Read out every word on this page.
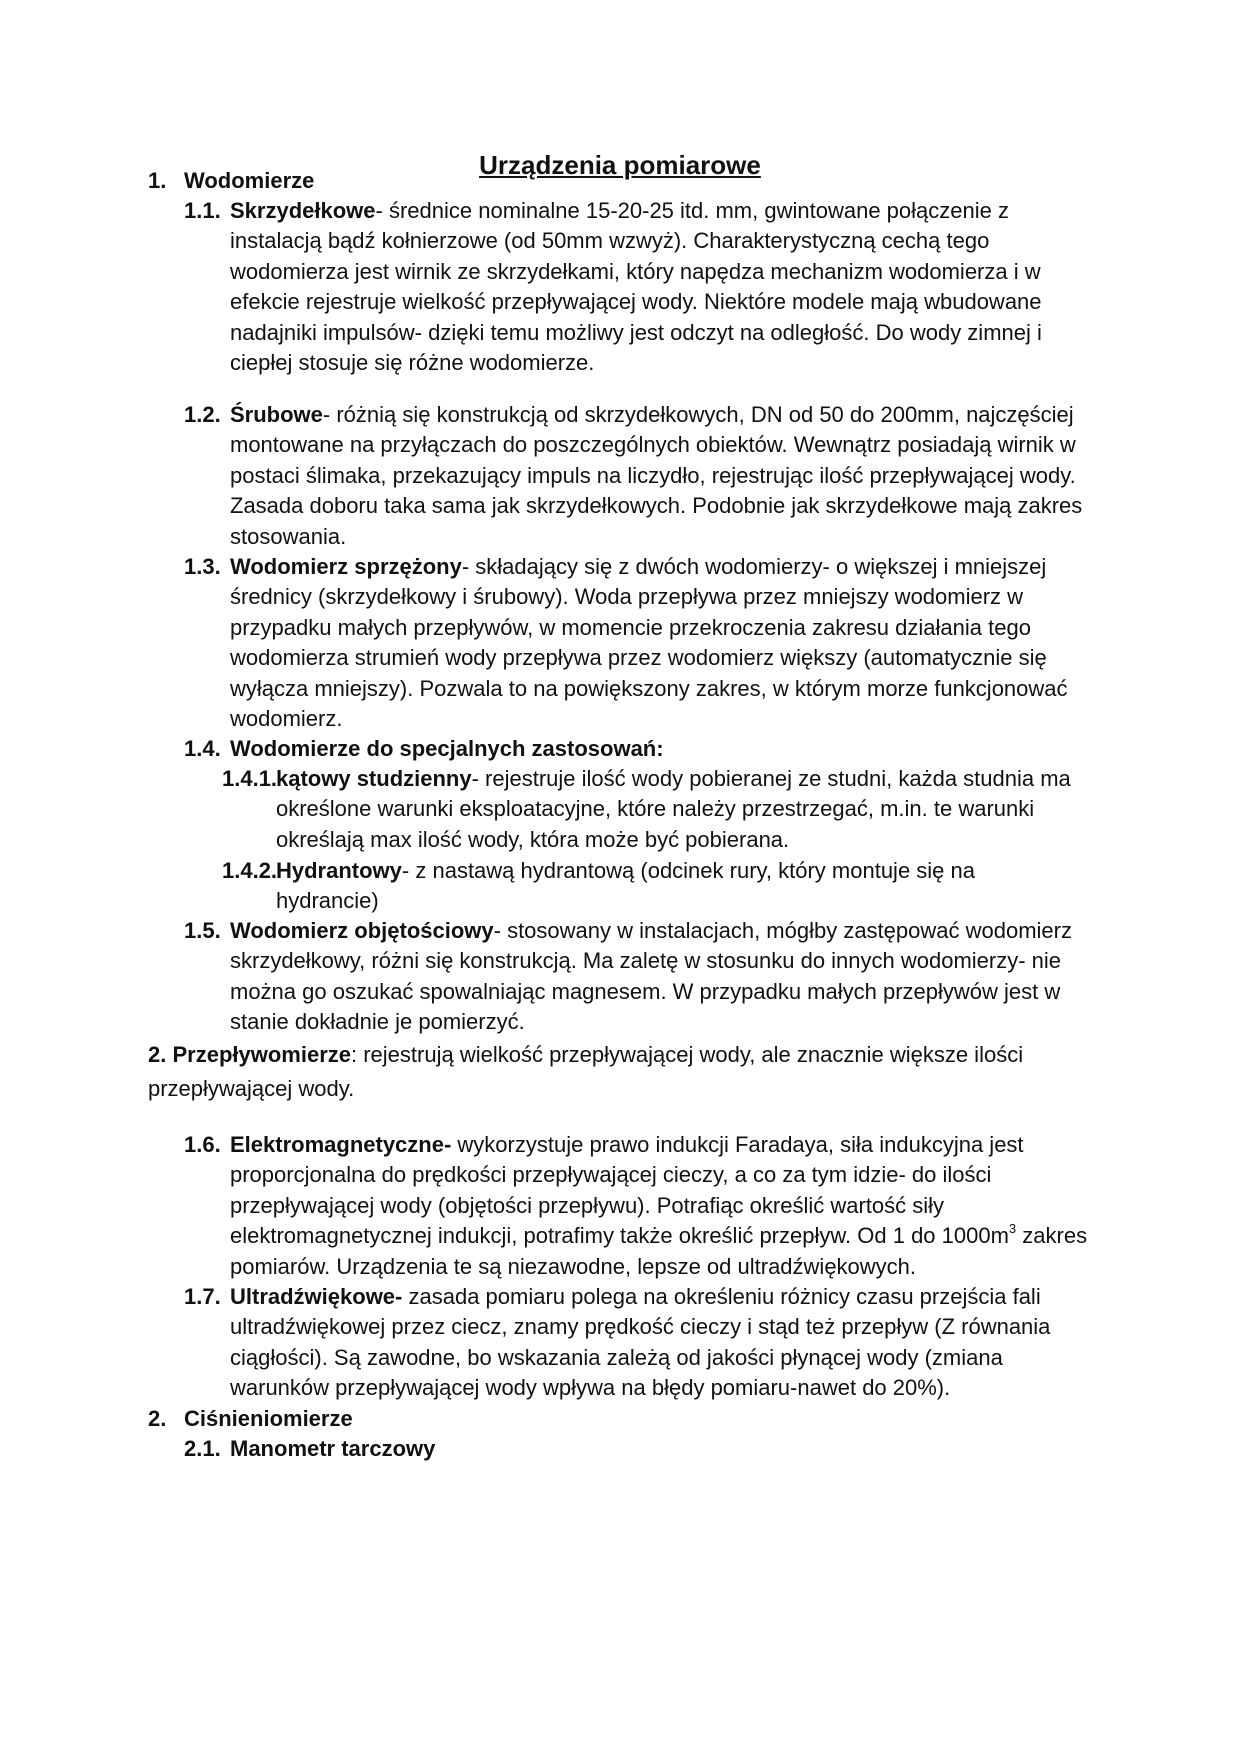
Urządzenia pomiarowe
1. Wodomierze
1.1. Skrzydełkowe- średnice nominalne 15-20-25 itd. mm, gwintowane połączenie z instalacją bądź kołnierzowe (od 50mm wzwyż). Charakterystyczną cechą tego wodomierza jest wirnik ze skrzydełkami, który napędza mechanizm wodomierza i w efekcie rejestruje wielkość przepływającej wody. Niektóre modele mają wbudowane nadajniki impulsów- dzięki temu możliwy jest odczyt na odległość. Do wody zimnej i ciepłej stosuje się różne wodomierze.
1.2. Śrubowe- różnią się konstrukcją od skrzydełkowych, DN od 50 do 200mm, najczęściej montowane na przyłączach do poszczególnych obiektów. Wewnątrz posiadają wirnik w postaci ślimaka, przekazujący impuls na liczydło, rejestrując ilość przepływającej wody. Zasada doboru taka sama jak skrzydełkowych. Podobnie jak skrzydełkowe mają zakres stosowania.
1.3. Wodomierz sprzężony- składający się z dwóch wodomierzy- o większej i mniejszej średnicy (skrzydełkowy i śrubowy). Woda przepływa przez mniejszy wodomierz w przypadku małych przepływów, w momencie przekroczenia zakresu działania tego wodomierza strumień wody przepływa przez wodomierz większy (automatycznie się wyłącza mniejszy). Pozwala to na powiększony zakres, w którym morze funkcjonować wodomierz.
1.4. Wodomierze do specjalnych zastosowań:
1.4.1.
kątowy studzienny- rejestruje ilość wody pobieranej ze studni, każda studnia ma określone warunki eksploatacyjne, które należy przestrzegać, m.in. te warunki określają max ilość wody, która może być pobierana.
1.4.2.
Hydrantowy- z nastawą hydrantową (odcinek rury, który montuje się na hydrancie)
1.5. Wodomierz objętościowy- stosowany w instalacjach, mógłby zastępować wodomierz skrzydełkowy, różni się konstrukcją. Ma zaletę w stosunku do innych wodomierzy- nie można go oszukać spowalniając magnesem. W przypadku małych przepływów jest w stanie dokładnie je pomierzyć.
2. Przepływomierze: rejestrują wielkość przepływającej wody, ale znacznie większe ilości przepływającej wody.
1.6. Elektromagnetyczne- wykorzystuje prawo indukcji Faradaya, siła indukcyjna jest proporcjonalna do prędkości przepływającej cieczy, a co za tym idzie- do ilości przepływającej wody (objętości przepływu). Potrafiąc określić wartość siły elektromagnetycznej indukcji, potrafimy także określić przepływ. Od 1 do $1000m^3$ zakres pomiarów. Urządzenia te są niezawodne, lepsze od ultradźwiękowych.
1.7. Ultradźwiękowe- zasada pomiaru polega na określeniu różnicy czasu przejścia fali ultradźwiękowej przez ciecz, znamy prędkość cieczy i stąd też przepływ (Z równania ciągłości). Są zawodne, bo wskazania zależą od jakości płynącej wody (zmiana warunków przepływającej wody wpływa na błędy pomiaru-nawet do 20%).
2. Ciśnieniomierze
2.1. Manometr tarczowy
